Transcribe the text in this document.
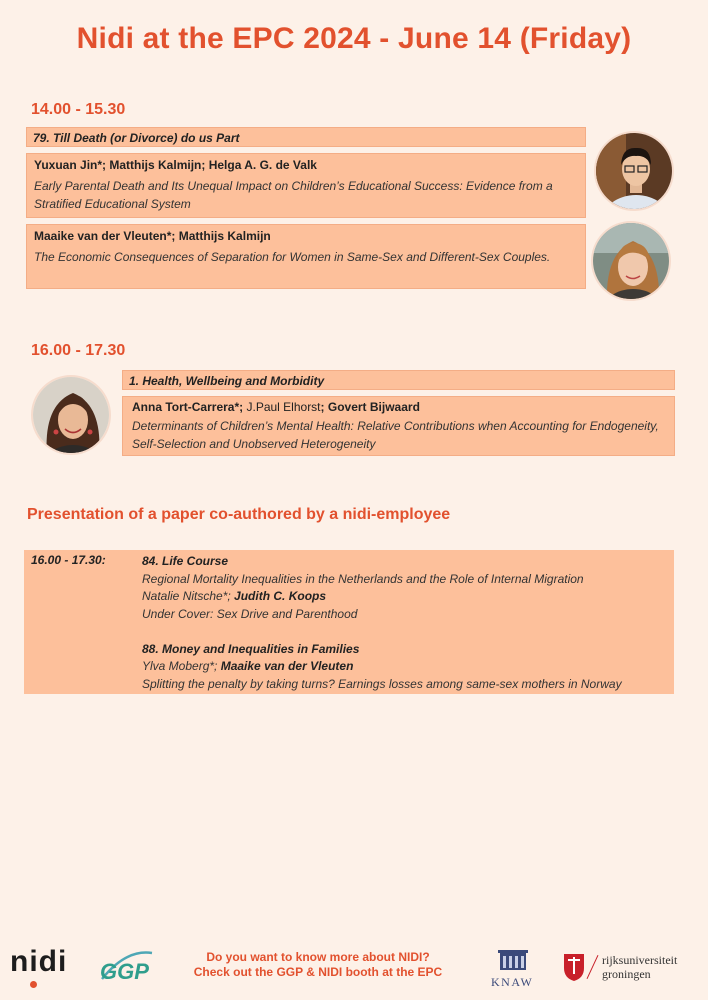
Nidi at the EPC 2024 - June 14 (Friday)
14.00 - 15.30
79. Till Death (or Divorce) do us Part
Yuxuan Jin*; Matthijs Kalmijn; Helga A. G. de Valk
Early Parental Death and Its Unequal Impact on Children’s Educational Success: Evidence from a Stratified Educational System
Maaike van der Vleuten*; Matthijs Kalmijn
The Economic Consequences of Separation for Women in Same-Sex and Different-Sex Couples.
16.00 - 17.30
1. Health, Wellbeing and Morbidity
Anna Tort-Carrera*; J.Paul Elhorst; Govert Bijwaard
Determinants of Children’s Mental Health: Relative Contributions when Accounting for Endogeneity, Self-Selection and Unobserved Heterogeneity
Presentation of a paper co-authored by a nidi-employee
16.00 - 17.30:	84. Life Course
Regional Mortality Inequalities in the Netherlands and the Role of Internal Migration
Natalie Nitsche*; Judith C. Koops
Under Cover: Sex Drive and Parenthood
88. Money and Inequalities in Families
Ylva Moberg*; Maaike van der Vleuten
Splitting the penalty by taking turns? Earnings losses among same-sex mothers in Norway
nidi GGP
Do you want to know more about NIDI?
Check out the GGP & NIDI booth at the EPC
KNAW
rijksuniversiteit
groningen
